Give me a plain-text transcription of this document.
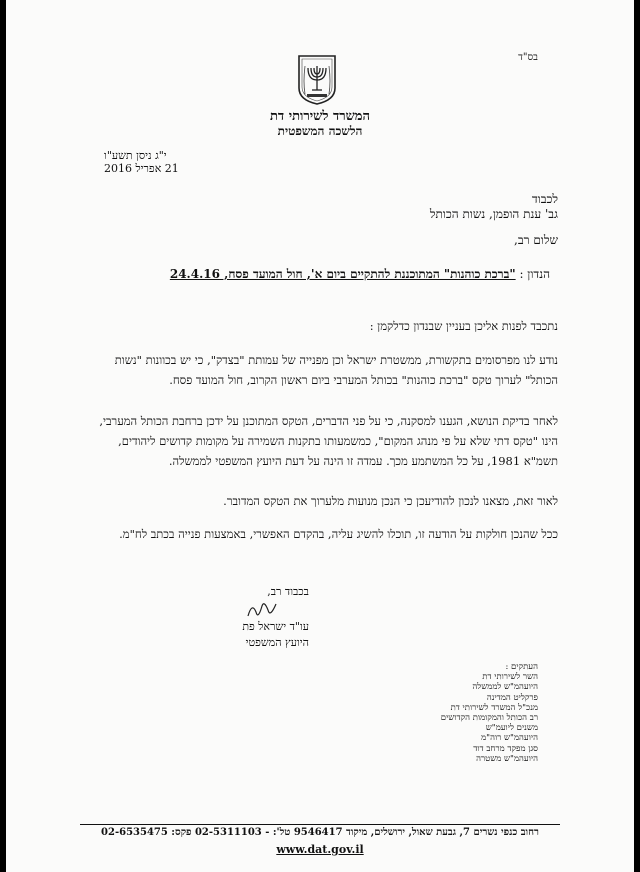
בס"ד
המשרד לשירותי דת
הלשכה המשפטית
י"ג ניסן תשע"ו
21 אפריל 2016
לכבוד
גב' ענת הופמן, נשות הכותל
שלום רב,
הנדון : "ברכת כוהנות" המתוכננת להתקיים ביום א', חול המועד פסח, 24.4.16
נתכבד לפנות אליכן בעניין שבנדון כדלקמן :
נודע לנו מפרסומים בתקשורת, ממשטרת ישראל וכן מפנייה של עמותת "בצדק", כי יש בכוונות "נשות הכותל" לערוך טקס "ברכת כוהנות" בכותל המערבי ביום ראשון הקרוב, חול המועד פסח.
לאחר בדיקת הנושא, הגענו למסקנה, כי על פני הדברים, הטקס המתוכנן על ידכן ברחבת הכותל המערבי, הינו "טקס דתי שלא על פי מנהג המקום", כמשמעותו בתקנות השמירה על מקומות קדושים ליהודים, תשמ"א 1981, על כל המשתמע מכך. עמדה זו הינה על דעת היועץ המשפטי לממשלה.
לאור זאת, מצאנו לנכון להודיעכן כי הנכן מנועות מלערוך את הטקס המדובר.
ככל שהנכן חולקות על הודעה זו, תוכלו להשיג עליה, בהקדם האפשרי, באמצעות פנייה בכתב לח"מ.
בכבוד רב,
עו"ד ישראל פת
היועץ המשפטי
העתקים :
השר לשירותי דת
היועהמ"ש לממשלה
פרקליט המדינה
מנכ"ל המשרד לשירותי דת
רב הכותל והמקומות הקדושים
משנים ליועמ"ש
היועהמ"ש רוה"מ
סגן מפקד מרחב דוד
היועהמ"ש משטרה
רחוב כנפי נשרים 7, גבעת שאול, ירושלים, מיקוד 9546417 טל': - 02-5311103 פקס: 02-6535475
www.dat.gov.il
